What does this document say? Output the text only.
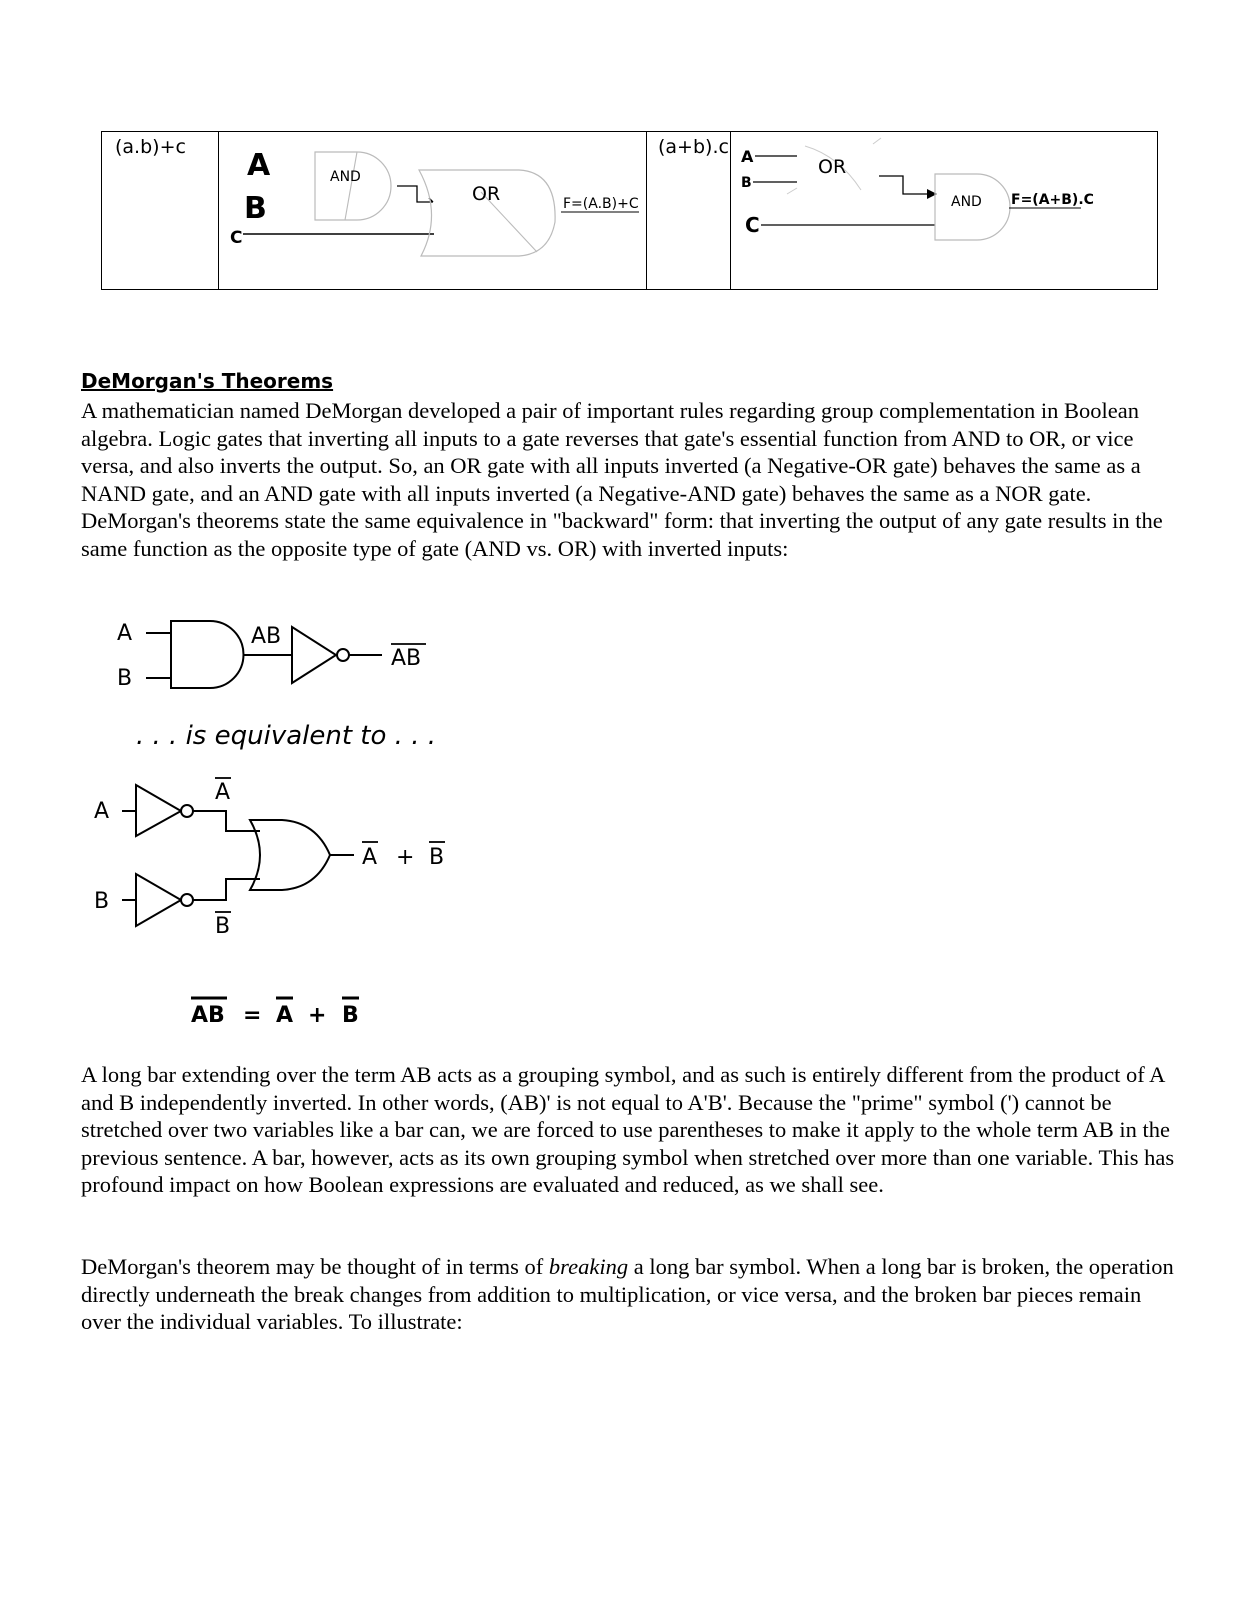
(a.b)+c	(a+b).c
A
B
C
AND
OR	F=(A.B)+C
A
B
OR
C
AND F=(A+B).C
DeMorgan's Theorems

A mathematician named DeMorgan developed a pair of important rules regarding group complementation in Boolean algebra. Logic gates that inverting all inputs to a gate reverses that gate's essential function from AND to OR, or vice versa, and also inverts the output. So, an OR gate with all inputs inverted (a Negative-OR gate) behaves the same as a NAND gate, and an AND gate with all inputs inverted (a Negative-AND gate) behaves the same as a NOR gate. DeMorgan's theorems state the same equivalence in "backward" form: that inverting the output of any gate results in the same function as the opposite type of gate (AND vs. OR) with inverted inputs:

A
B
AB
AB
. . . is equivalent to . . .
A
B
A
B
A + B
AB = A + B

A long bar extending over the term AB acts as a grouping symbol, and as such is entirely different from the product of A and B independently inverted. In other words, (AB)' is not equal to A'B'. Because the "prime" symbol (') cannot be stretched over two variables like a bar can, we are forced to use parentheses to make it apply to the whole term AB in the previous sentence. A bar, however, acts as its own grouping symbol when stretched over more than one variable. This has profound impact on how Boolean expressions are evaluated and reduced, as we shall see.

DeMorgan's theorem may be thought of in terms of breaking a long bar symbol. When a long bar is broken, the operation directly underneath the break changes from addition to multiplication, or vice versa, and the broken bar pieces remain over the individual variables. To illustrate:
